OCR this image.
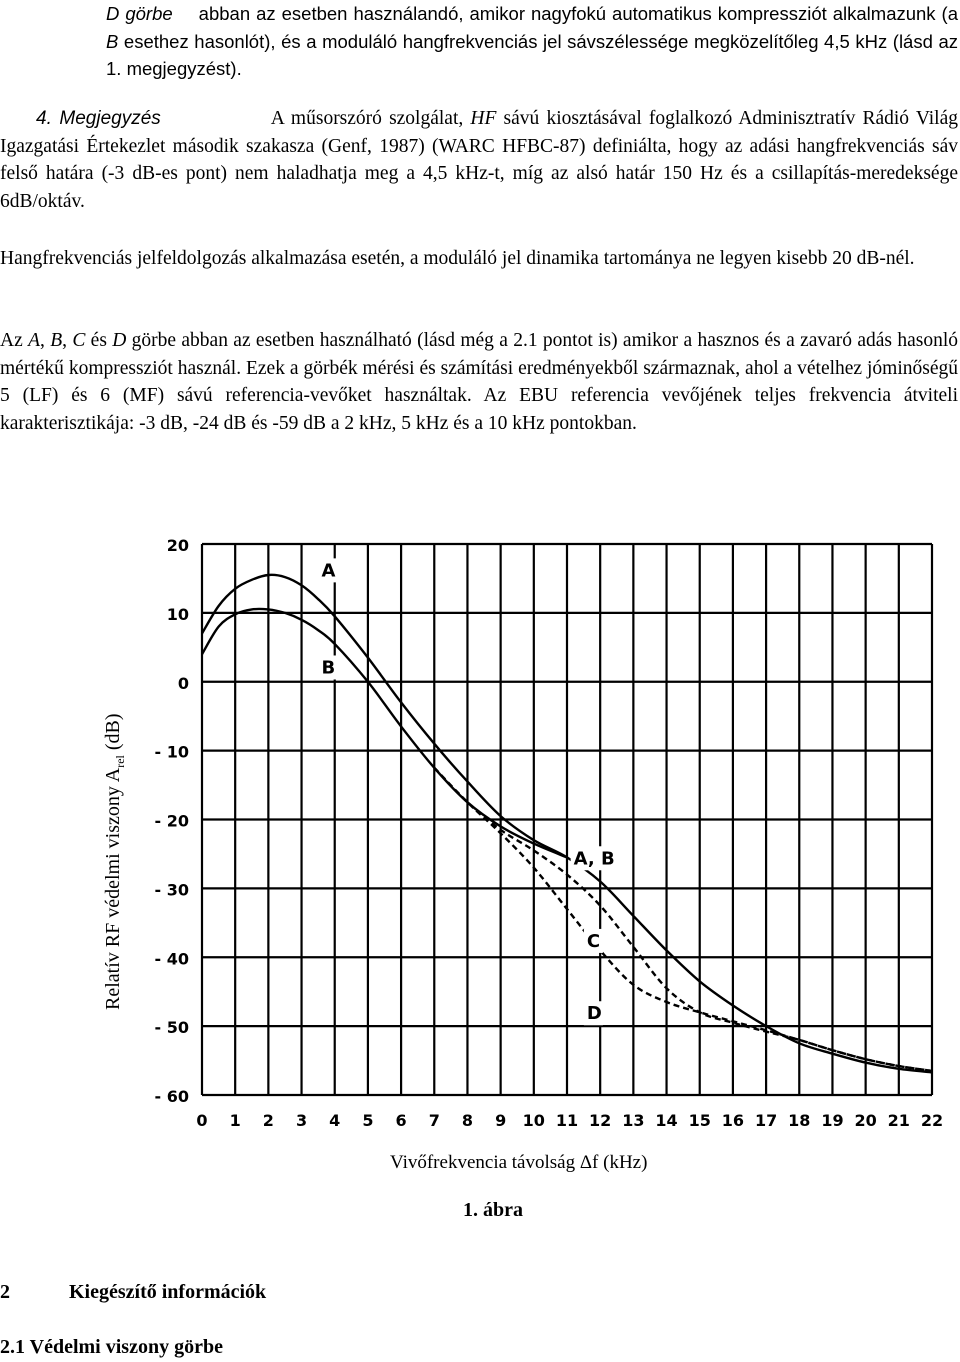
D görbe abban az esetben használandó, amikor nagyfokú automatikus kompressziót alkalmazunk (a B esethez hasonlót), és a moduláló hangfrekvenciás jel sávszélessége megközelítőleg 4,5 kHz (lásd az 1. megjegyzést).
4. Megjegyzés	A műsorszóró szolgálat, HF sávú kiosztásával foglalkozó Adminisztratív Rádió Világ Igazgatási Értekezlet második szakasza (Genf, 1987) (WARC HFBC-87) definiálta, hogy az adási hangfrekvenciás sáv felső határa (-3 dB-es pont) nem haladhatja meg a 4,5 kHz-t, míg az alsó határ 150 Hz és a csillapítás-meredeksége 6dB/oktáv.
Hangfrekvenciás jelfeldolgozás alkalmazása esetén, a moduláló jel dinamika tartománya ne legyen kisebb 20 dB-nél.
Az A, B, C és D görbe abban az esetben használható (lásd még a 2.1 pontot is) amikor a hasznos és a zavaró adás hasonló mértékű kompressziót használ. Ezek a görbék mérési és számítási eredményekből származnak, ahol a vételhez jóminőségű 5 (LF) és 6 (MF) sávú referencia-vevőket használtak. Az EBU referencia vevőjének teljes frekvencia átviteli karakterisztikája: -3 dB, -24 dB és -59 dB a 2 kHz, 5 kHz és a 10 kHz pontokban.
0 1 2 3 4 5 6 7 8 9 10 11 12 13 14 15 16 17 18 19 20 21 22
20
10
0
- 10
- 20
- 30
- 40
- 50
- 60
A
B
A, B
C
D
Relatív RF védelmi viszony $A_{rel}$ (dB)
Vivőfrekvencia távolság Δf (kHz)
1. ábra
2	Kiegészítő információk
2.1 Védelmi viszony görbe
